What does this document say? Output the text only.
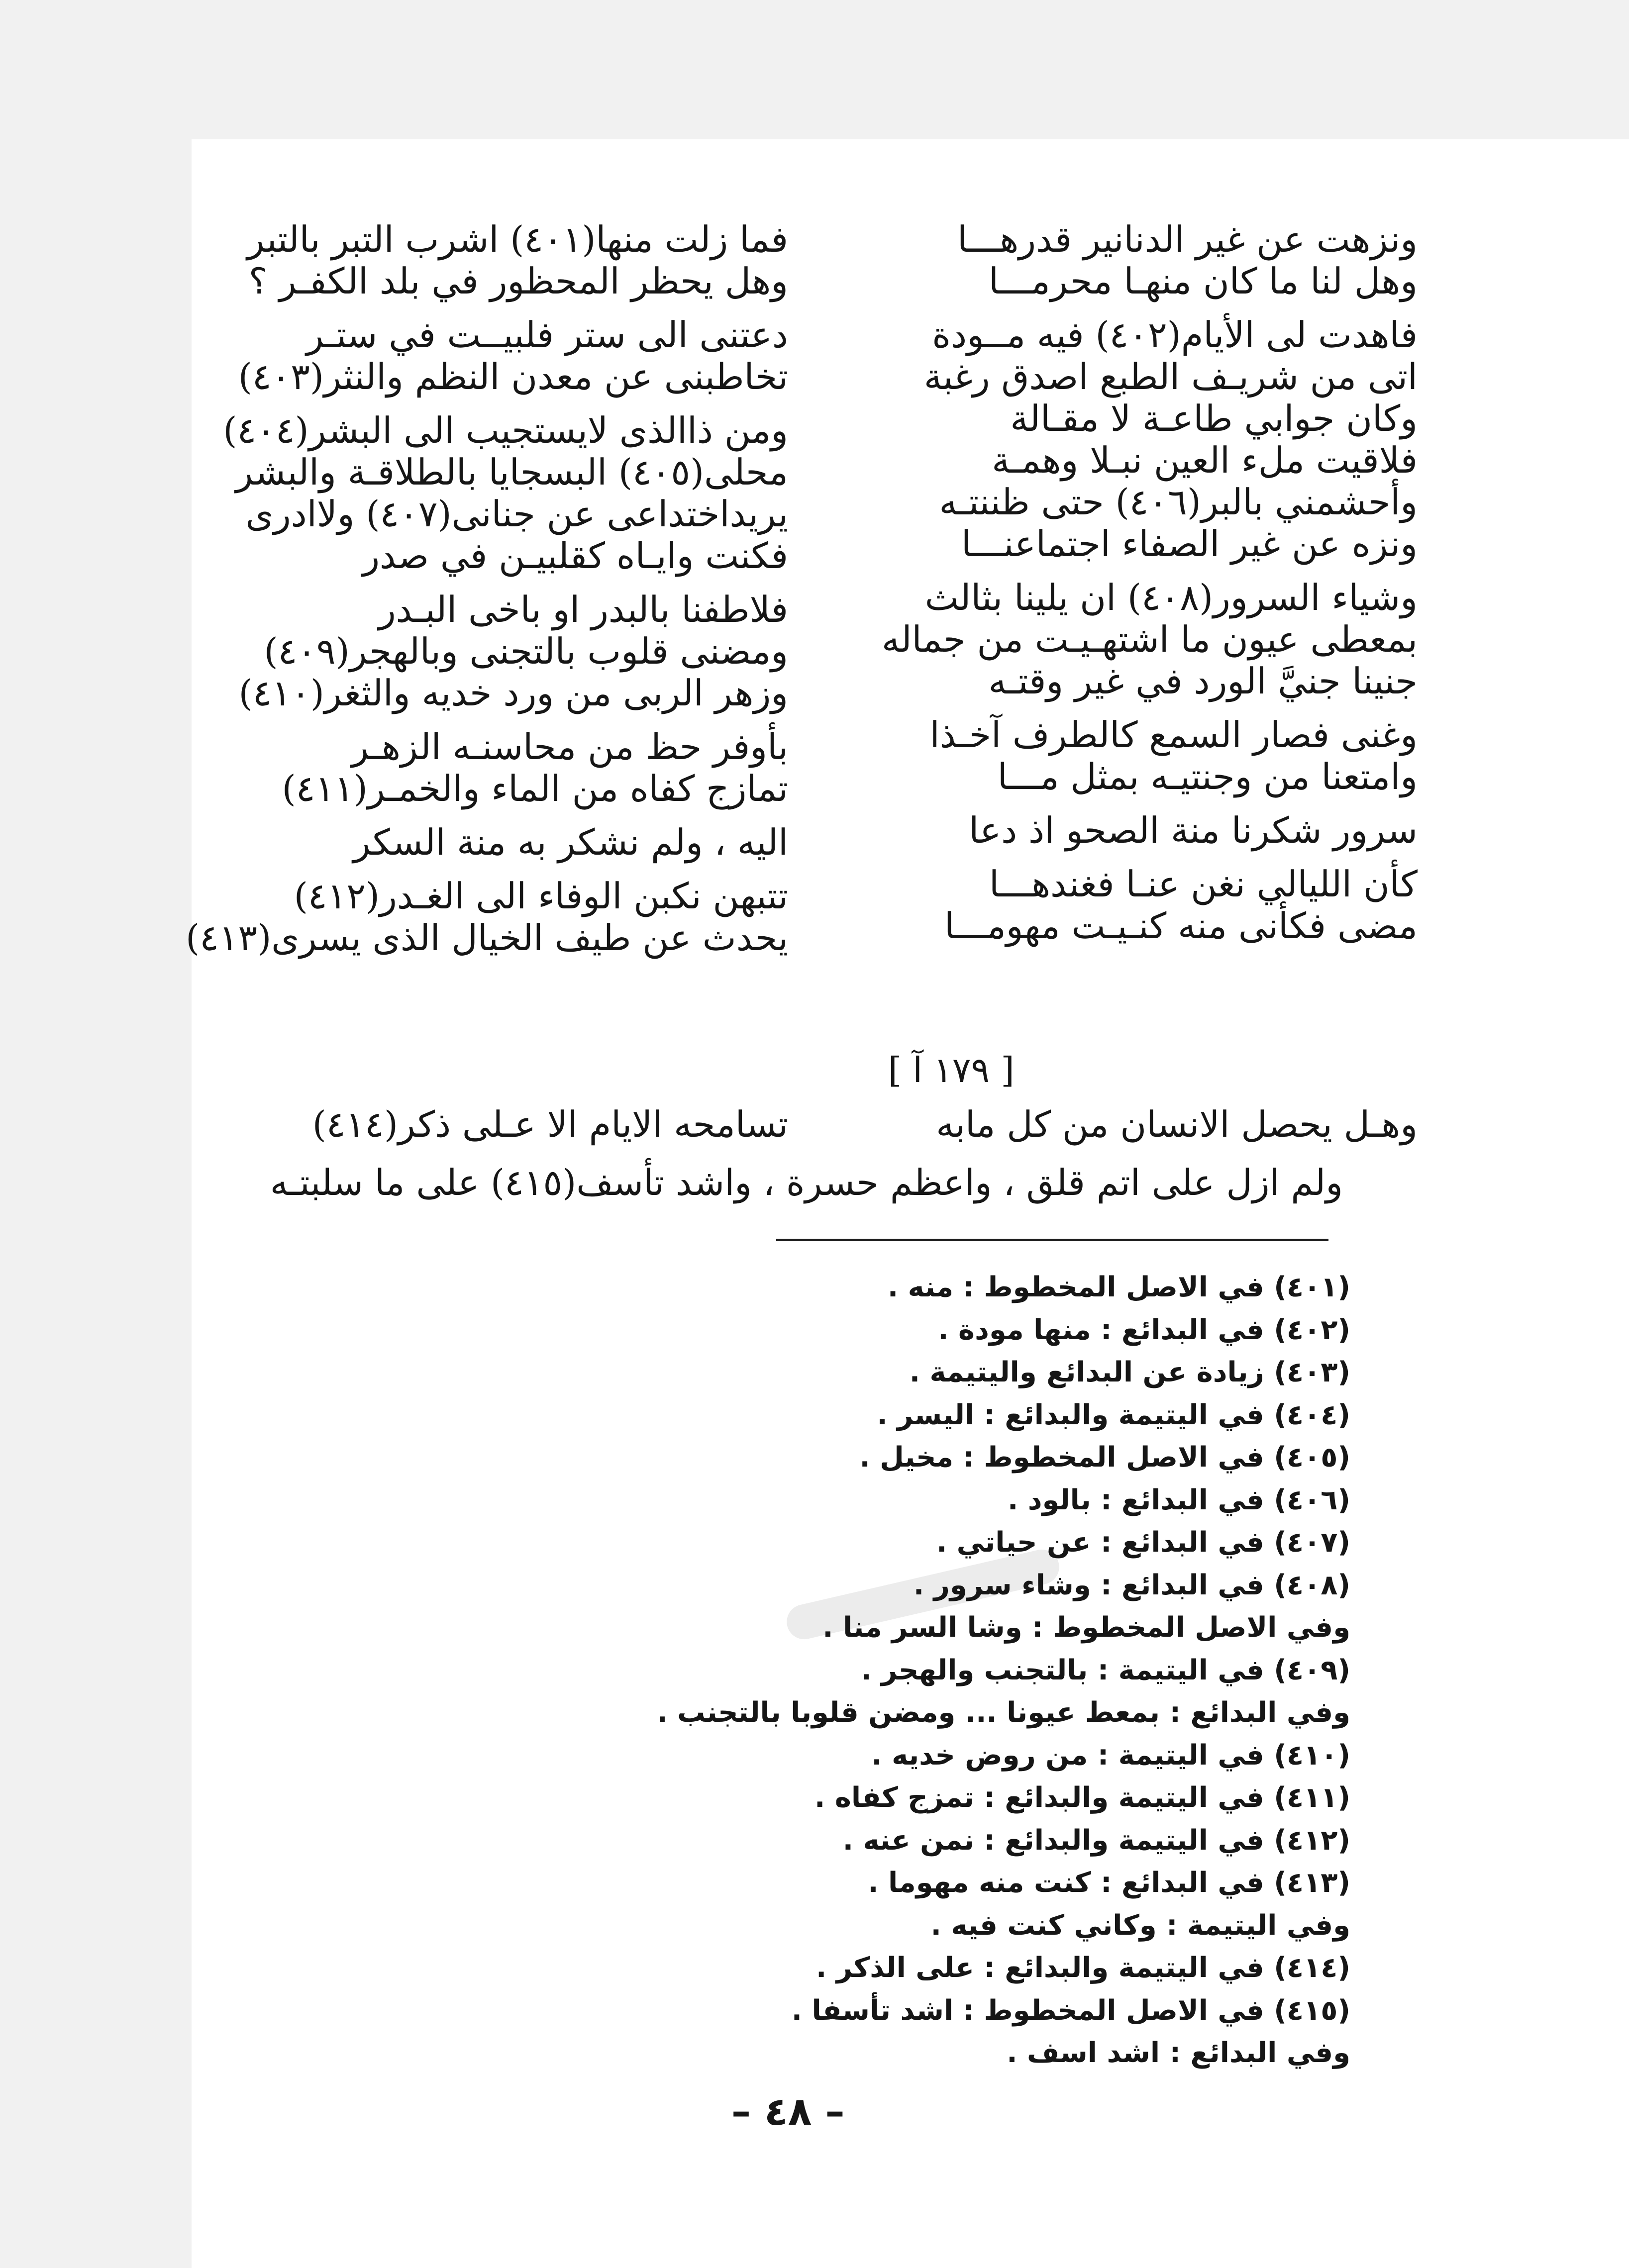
ونزهت عن غير الدنانير قدرهـــا
وهل لنا ما كان منهـا محرمـــا
فاهدت لى الأيام(٤٠٢) فيه مــودة
اتى من شريـف الطبع اصدق رغبة
وكان جوابي طاعـة لا مقـالة
فلاقيت ملء العين نبـلا وهمـة
وأحشمني بالبر(٤٠٦) حتى ظننتـه
ونزه عن غير الصفاء اجتماعنـــا
وشياء السرور(٤٠٨) ان يلينا بثالث
بمعطى عيون ما اشتهـيـت من جماله
جنينا جنيَّ الورد في غير وقتـه
وغنى فصار السمع كالطرف آخـذا
وامتعنا من وجنتيـه بمثل مـــا
سرور شكرنا منة الصحو اذ دعا
كأن الليالي نغن عنـا فغندهـــا
مضى فكأنى منه كنـيـت مهومـــا
فما زلت منها(٤٠١) اشرب التبر بالتبر
وهل يحظر المحظور في بلد الكفـر ؟
دعتنى الى ستر فلبيــت في ستـر
تخاطبنى عن معدن النظم والنثر(٤٠٣)
ومن ذاالذى لايستجيب الى البشر(٤٠٤)
محلى(٤٠٥) البسجايا بالطلاقـة والبشر
يريداختداعى عن جنانى(٤٠٧) ولاادرى
فكنت وايـاه كقلبيـن في صدر
فلاطفنا بالبدر او باخى البـدر
ومضنى قلوب بالتجنى وبالهجر(٤٠٩)
وزهر الربى من ورد خديه والثغر(٤١٠)
بأوفر حظ من محاسنـه الزهـر
تمازج كفاه من الماء والخمـر(٤١١)
اليه ، ولم نشكر به منة السكر
تتبهن نكبن الوفاء الى الغـدر(٤١٢)
يحدث عن طيف الخيال الذى يسرى(٤١٣)
[ ١٧٩ آ ]
وهـل يحصل الانسان من كل مابه
تسامحه الايام الا عـلى ذكر(٤١٤)
ولم ازل على اتم قلق ، واعظم حسرة ، واشد تأسف(٤١٥) على ما سلبتـه
(٤٠١) في الاصل المخطوط : منه .
(٤٠٢) في البدائع : منها مودة .
(٤٠٣) زيادة عن البدائع واليتيمة .
(٤٠٤) في اليتيمة والبدائع : اليسر .
(٤٠٥) في الاصل المخطوط : مخيل .
(٤٠٦) في البدائع : بالود .
(٤٠٧) في البدائع : عن حياتي .
(٤٠٨) في البدائع : وشاء سرور .
وفي الاصل المخطوط : وشا السر منا .
(٤٠٩) في اليتيمة : بالتجنب والهجر .
وفي البدائع : بمعط عيونا ... ومضن قلوبا بالتجنب .
(٤١٠) في اليتيمة : من روض خديه .
(٤١١) في اليتيمة والبدائع : تمزج كفاه .
(٤١٢) في اليتيمة والبدائع : نمن عنه .
(٤١٣) في البدائع : كنت منه مهوما .
وفي اليتيمة : وكاني كنت فيه .
(٤١٤) في اليتيمة والبدائع : على الذكر .
(٤١٥) في الاصل المخطوط : اشد تأسفا .
وفي البدائع : اشد اسف .
– ٤٨ –
